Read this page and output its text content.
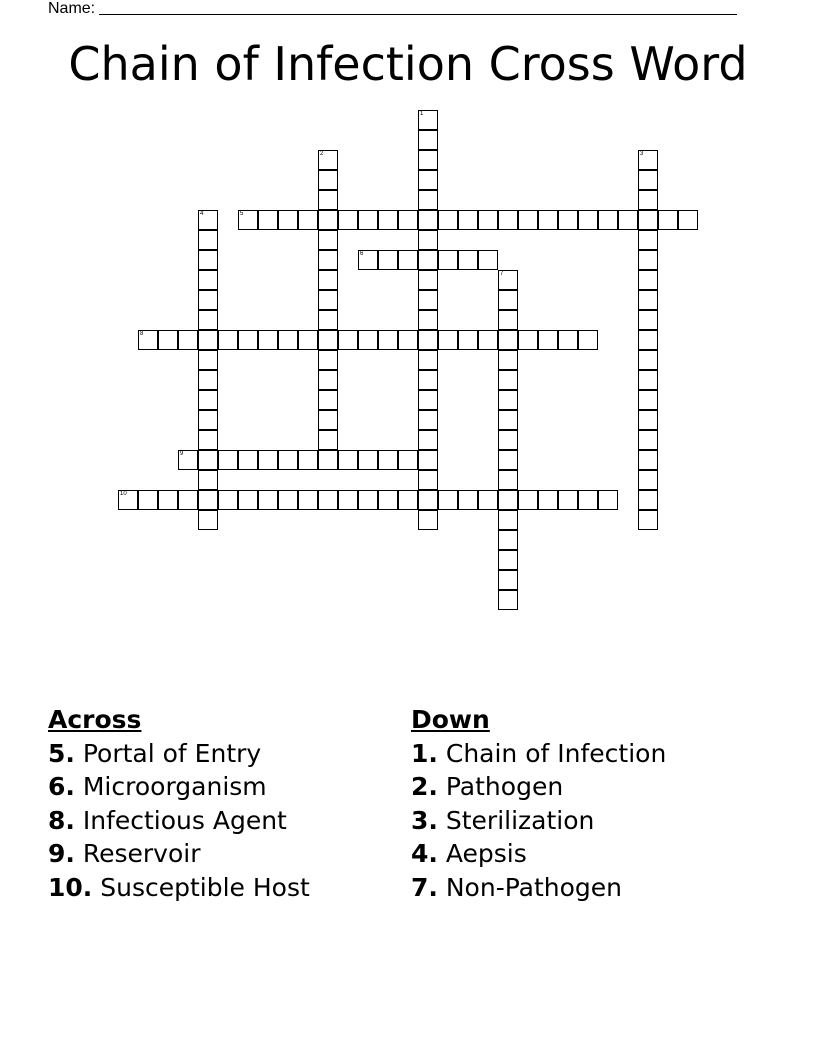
Name:
Chain of Infection Cross Word
1
2	3
4	5
6
7
8
9
10
Across
5. Portal of Entry
6. Microorganism
8. Infectious Agent
9. Reservoir
10. Susceptible Host
Down
1. Chain of Infection
2. Pathogen
3. Sterilization
4. Aepsis
7. Non-Pathogen
